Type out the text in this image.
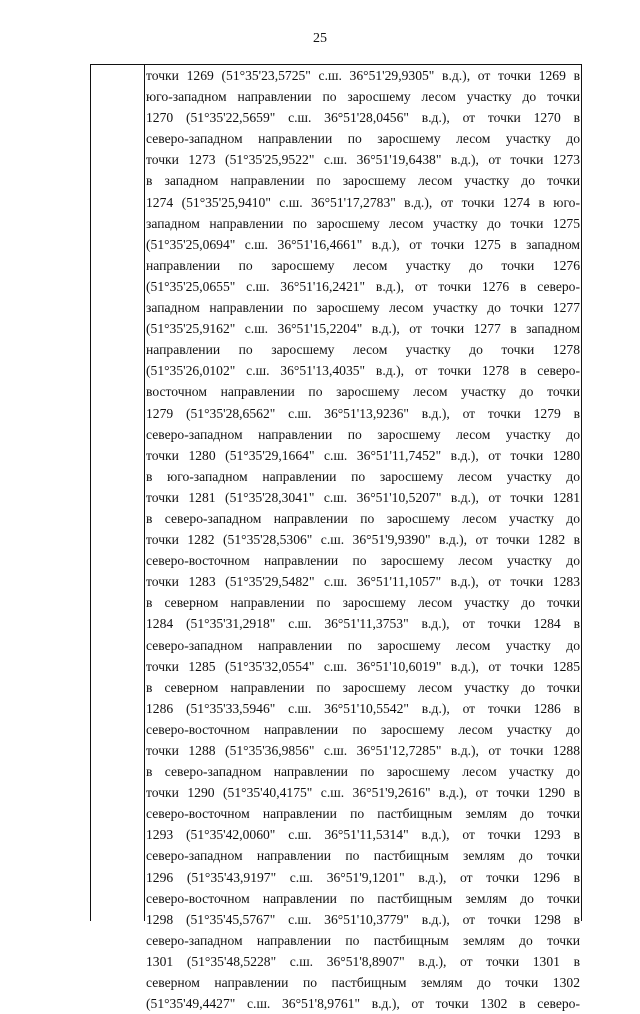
25
точки 1269 (51°35'23,5725" с.ш. 36°51'29,9305" в.д.), от точки 1269 в
юго-западном направлении по заросшему лесом участку до точки
1270 (51°35'22,5659" с.ш. 36°51'28,0456" в.д.), от точки 1270 в
северо-западном направлении по заросшему лесом участку до
точки 1273 (51°35'25,9522" с.ш. 36°51'19,6438" в.д.), от точки 1273
в западном направлении по заросшему лесом участку до точки
1274 (51°35'25,9410" с.ш. 36°51'17,2783" в.д.), от точки 1274 в юго-
западном направлении по заросшему лесом участку до точки 1275
(51°35'25,0694" с.ш. 36°51'16,4661" в.д.), от точки 1275 в западном
направлении по заросшему лесом участку до точки 1276
(51°35'25,0655" с.ш. 36°51'16,2421" в.д.), от точки 1276 в северо-
западном направлении по заросшему лесом участку до точки 1277
(51°35'25,9162" с.ш. 36°51'15,2204" в.д.), от точки 1277 в западном
направлении по заросшему лесом участку до точки 1278
(51°35'26,0102" с.ш. 36°51'13,4035" в.д.), от точки 1278 в северо-
восточном направлении по заросшему лесом участку до точки
1279 (51°35'28,6562" с.ш. 36°51'13,9236" в.д.), от точки 1279 в
северо-западном направлении по заросшему лесом участку до
точки 1280 (51°35'29,1664" с.ш. 36°51'11,7452" в.д.), от точки 1280
в юго-западном направлении по заросшему лесом участку до
точки 1281 (51°35'28,3041" с.ш. 36°51'10,5207" в.д.), от точки 1281
в северо-западном направлении по заросшему лесом участку до
точки 1282 (51°35'28,5306" с.ш. 36°51'9,9390" в.д.), от точки 1282 в
северо-восточном направлении по заросшему лесом участку до
точки 1283 (51°35'29,5482" с.ш. 36°51'11,1057" в.д.), от точки 1283
в северном направлении по заросшему лесом участку до точки
1284 (51°35'31,2918" с.ш. 36°51'11,3753" в.д.), от точки 1284 в
северо-западном направлении по заросшему лесом участку до
точки 1285 (51°35'32,0554" с.ш. 36°51'10,6019" в.д.), от точки 1285
в северном направлении по заросшему лесом участку до точки
1286 (51°35'33,5946" с.ш. 36°51'10,5542" в.д.), от точки 1286 в
северо-восточном направлении по заросшему лесом участку до
точки 1288 (51°35'36,9856" с.ш. 36°51'12,7285" в.д.), от точки 1288
в северо-западном направлении по заросшему лесом участку до
точки 1290 (51°35'40,4175" с.ш. 36°51'9,2616" в.д.), от точки 1290 в
северо-восточном направлении по пастбищным землям до точки
1293 (51°35'42,0060" с.ш. 36°51'11,5314" в.д.), от точки 1293 в
северо-западном направлении по пастбищным землям до точки
1296 (51°35'43,9197" с.ш. 36°51'9,1201" в.д.), от точки 1296 в
северо-восточном направлении по пастбищным землям до точки
1298 (51°35'45,5767" с.ш. 36°51'10,3779" в.д.), от точки 1298 в
северо-западном направлении по пастбищным землям до точки
1301 (51°35'48,5228" с.ш. 36°51'8,8907" в.д.), от точки 1301 в
северном направлении по пастбищным землям до точки 1302
(51°35'49,4427" с.ш. 36°51'8,9761" в.д.), от точки 1302 в северо-
